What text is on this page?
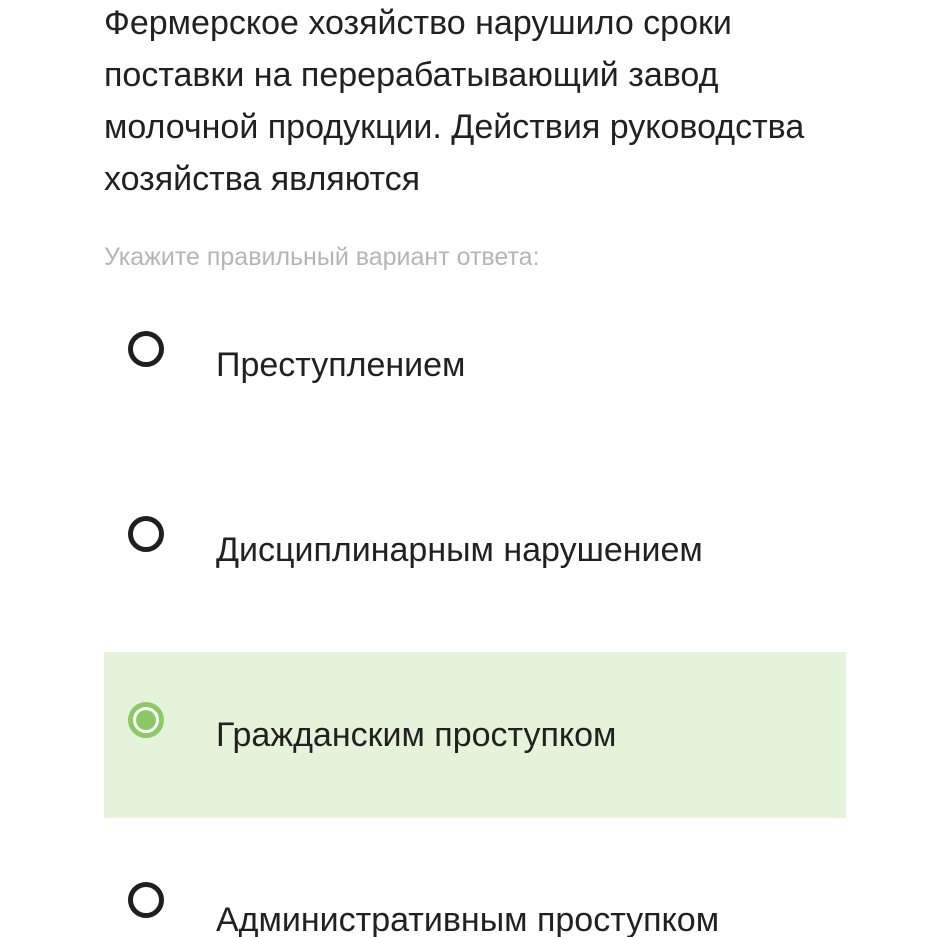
Фермерское хозяйство нарушило сроки поставки на перерабатывающий завод молочной продукции. Действия руководства хозяйства являются

Укажите правильный вариант ответа:
Преступлением
Дисциплинарным нарушением
Гражданским проступком
Административным проступком
